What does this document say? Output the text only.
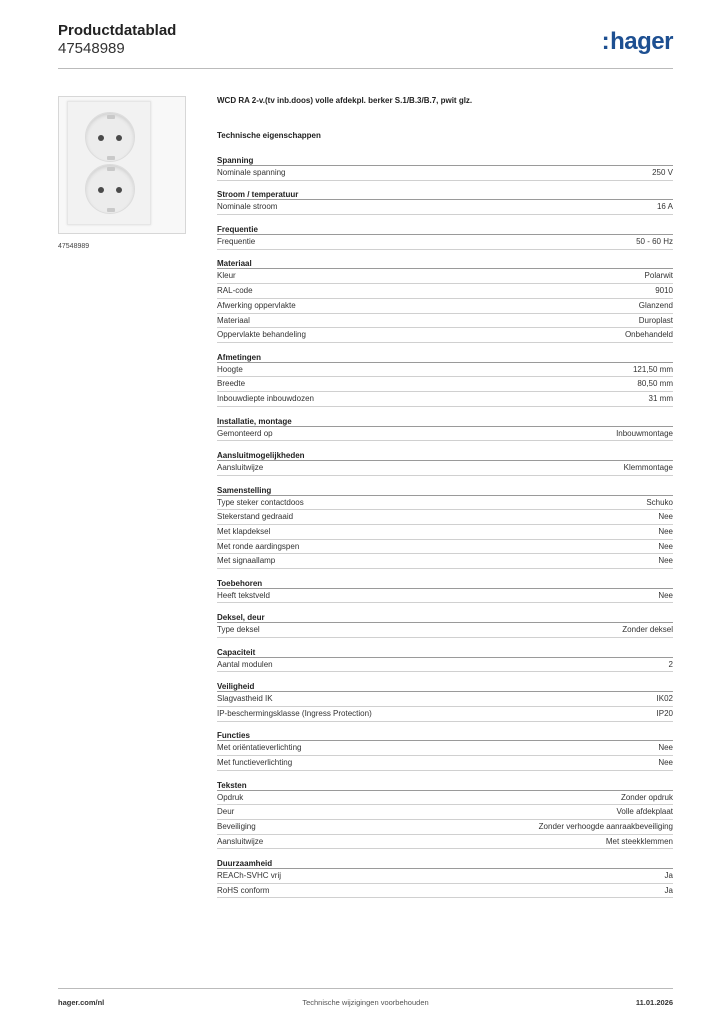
Productdatablad
47548989	:hager
47548989
WCD RA 2-v.(tv inb.doos) volle afdekpl. berker S.1/B.3/B.7, pwit glz.
Technische eigenschappen
Spanning
Nominale spanning	250 V
Stroom / temperatuur
Nominale stroom	16 A
Frequentie
Frequentie	50 - 60 Hz
Materiaal
Kleur	Polarwit
RAL-code	9010
Afwerking oppervlakte	Glanzend
Materiaal	Duroplast
Oppervlakte behandeling	Onbehandeld
Afmetingen
Hoogte	121,50 mm
Breedte	80,50 mm
Inbouwdiepte inbouwdozen	31 mm
Installatie, montage
Gemonteerd op	Inbouwmontage
Aansluitmogelijkheden
Aansluitwijze	Klemmontage
Samenstelling
Type steker contactdoos	Schuko
Stekerstand gedraaid	Nee
Met klapdeksel	Nee
Met ronde aardingspen	Nee
Met signaallamp	Nee
Toebehoren
Heeft tekstveld	Nee
Deksel, deur
Type deksel	Zonder deksel
Capaciteit
Aantal modulen	2
Veiligheid
Slagvastheid IK	IK02
IP-beschermingsklasse (Ingress Protection)	IP20
Functies
Met oriëntatieverlichting	Nee
Met functieverlichting	Nee
Teksten
Opdruk	Zonder opdruk
Deur	Volle afdekplaat
Beveiliging	Zonder verhoogde aanraakbeveiliging
Aansluitwijze	Met steekklemmen
Duurzaamheid
REACh-SVHC vrij	Ja
RoHS conform	Ja
hager.com/nl	Technische wijzigingen voorbehouden	11.01.2026
